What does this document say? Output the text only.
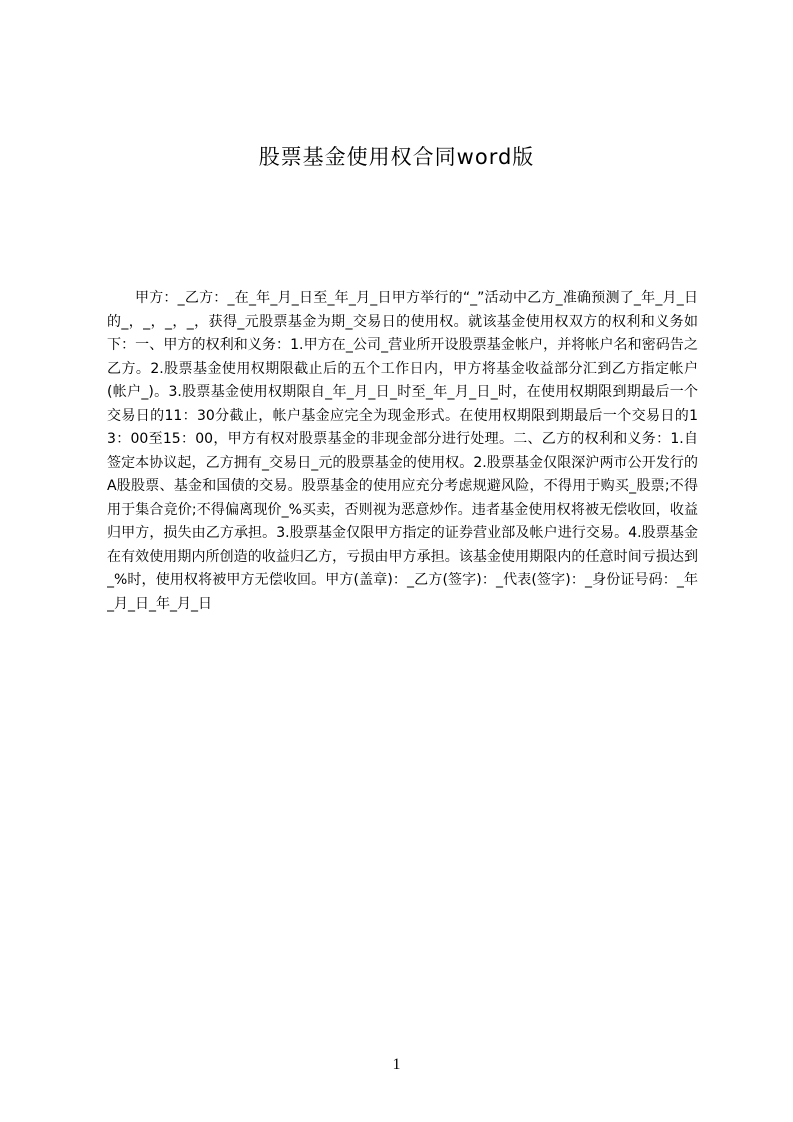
股票基金使用权合同word版

甲方：_乙方：_在_年_月_日至_年_月_日甲方举行的“_”活动中乙方_准确预测了_年_月_日的_，_，_，_，获得_元股票基金为期_交易日的使用权。就该基金使用权双方的权利和义务如下：一、甲方的权利和义务：1.甲方在_公司_营业所开设股票基金帐户，并将帐户名和密码告之乙方。2.股票基金使用权期限截止后的五个工作日内，甲方将基金收益部分汇到乙方指定帐户(帐户_)。3.股票基金使用权期限自_年_月_日_时至_年_月_日_时，在使用权期限到期最后一个交易日的11：30分截止，帐户基金应完全为现金形式。在使用权期限到期最后一个交易日的13：00至15：00，甲方有权对股票基金的非现金部分进行处理。二、乙方的权利和义务：1.自签定本协议起，乙方拥有_交易日_元的股票基金的使用权。2.股票基金仅限深沪两市公开发行的A股股票、基金和国债的交易。股票基金的使用应充分考虑规避风险，不得用于购买_股票;不得用于集合竞价;不得偏离现价_%买卖，否则视为恶意炒作。违者基金使用权将被无偿收回，收益归甲方，损失由乙方承担。3.股票基金仅限甲方指定的证券营业部及帐户进行交易。4.股票基金在有效使用期内所创造的收益归乙方，亏损由甲方承担。该基金使用期限内的任意时间亏损达到_%时，使用权将被甲方无偿收回。甲方(盖章)：_乙方(签字)：_代表(签字)：_身份证号码：_年_月_日_年_月_日

1
